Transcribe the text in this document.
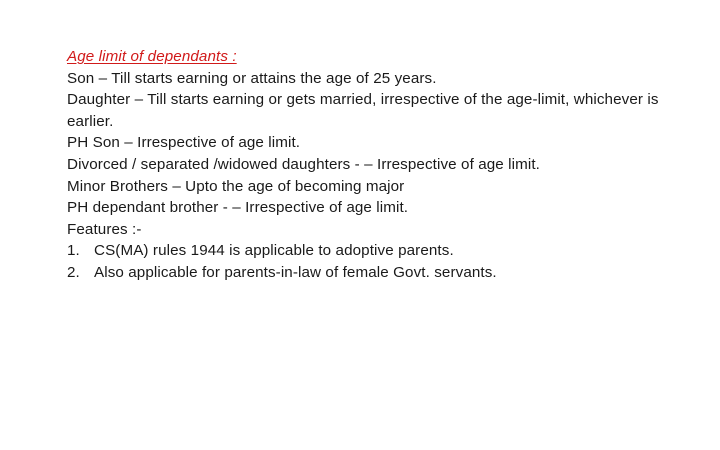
Age limit of dependants :
Son – Till starts earning or attains the age of 25 years.
Daughter – Till starts earning or gets married, irrespective of the age-limit, whichever is earlier.
PH Son – Irrespective of age limit.
Divorced / separated /widowed daughters - – Irrespective of age limit.
Minor Brothers – Upto the age of becoming major
PH dependant brother - – Irrespective of age limit.
Features :-
1. CS(MA) rules 1944 is applicable to adoptive parents.
2. Also applicable for parents-in-law of female Govt. servants.
